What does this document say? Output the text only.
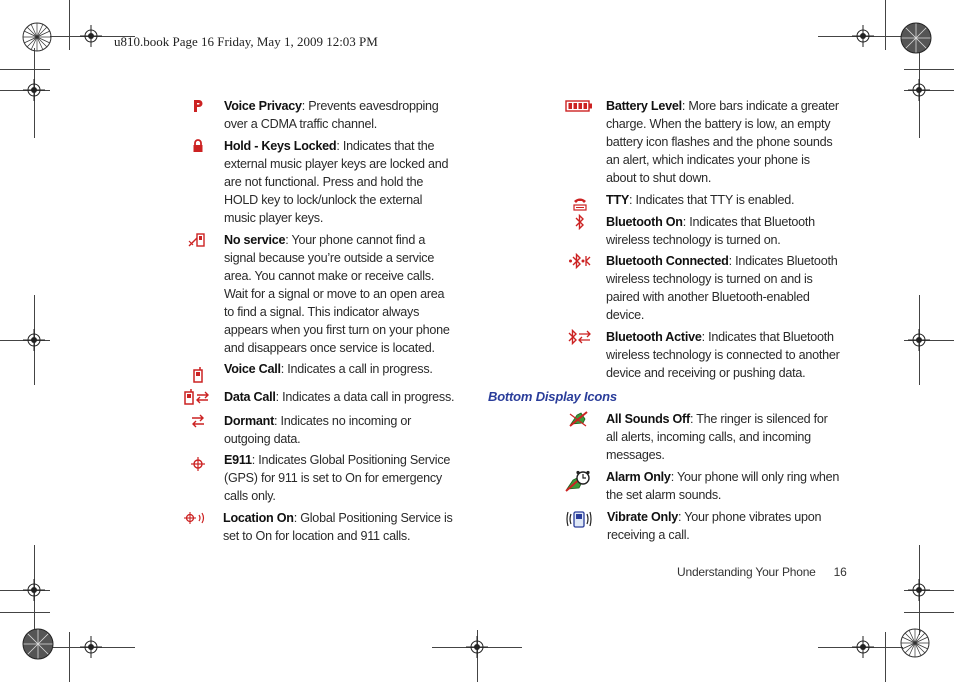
u810.book Page 16 Friday, May 1, 2009 12:03 PM
Voice Privacy: Prevents eavesdropping over a CDMA traffic channel.
Hold - Keys Locked: Indicates that the external music player keys are locked and are not functional. Press and hold the HOLD key to lock/unlock the external music player keys.
No service: Your phone cannot find a signal because you’re outside a service area. You cannot make or receive calls. Wait for a signal or move to an open area to find a signal. This indicator always appears when you first turn on your phone and disappears once service is located.
Voice Call: Indicates a call in progress.
Data Call: Indicates a data call in progress.
Dormant: Indicates no incoming or outgoing data.
E911: Indicates Global Positioning Service (GPS) for 911 is set to On for emergency calls only.
Location On: Global Positioning Service is set to On for location and 911 calls.
Battery Level: More bars indicate a greater charge. When the battery is low, an empty battery icon flashes and the phone sounds an alert, which indicates your phone is about to shut down.
TTY: Indicates that TTY is enabled.
Bluetooth On: Indicates that Bluetooth wireless technology is turned on.
Bluetooth Connected: Indicates Bluetooth wireless technology is turned on and is paired with another Bluetooth-enabled device.
Bluetooth Active: Indicates that Bluetooth wireless technology is connected to another device and receiving or pushing data.
Bottom Display Icons
All Sounds Off: The ringer is silenced for all alerts, incoming calls, and incoming messages.
Alarm Only: Your phone will only ring when the set alarm sounds.
Vibrate Only: Your phone vibrates upon receiving a call.
Understanding Your Phone 16
